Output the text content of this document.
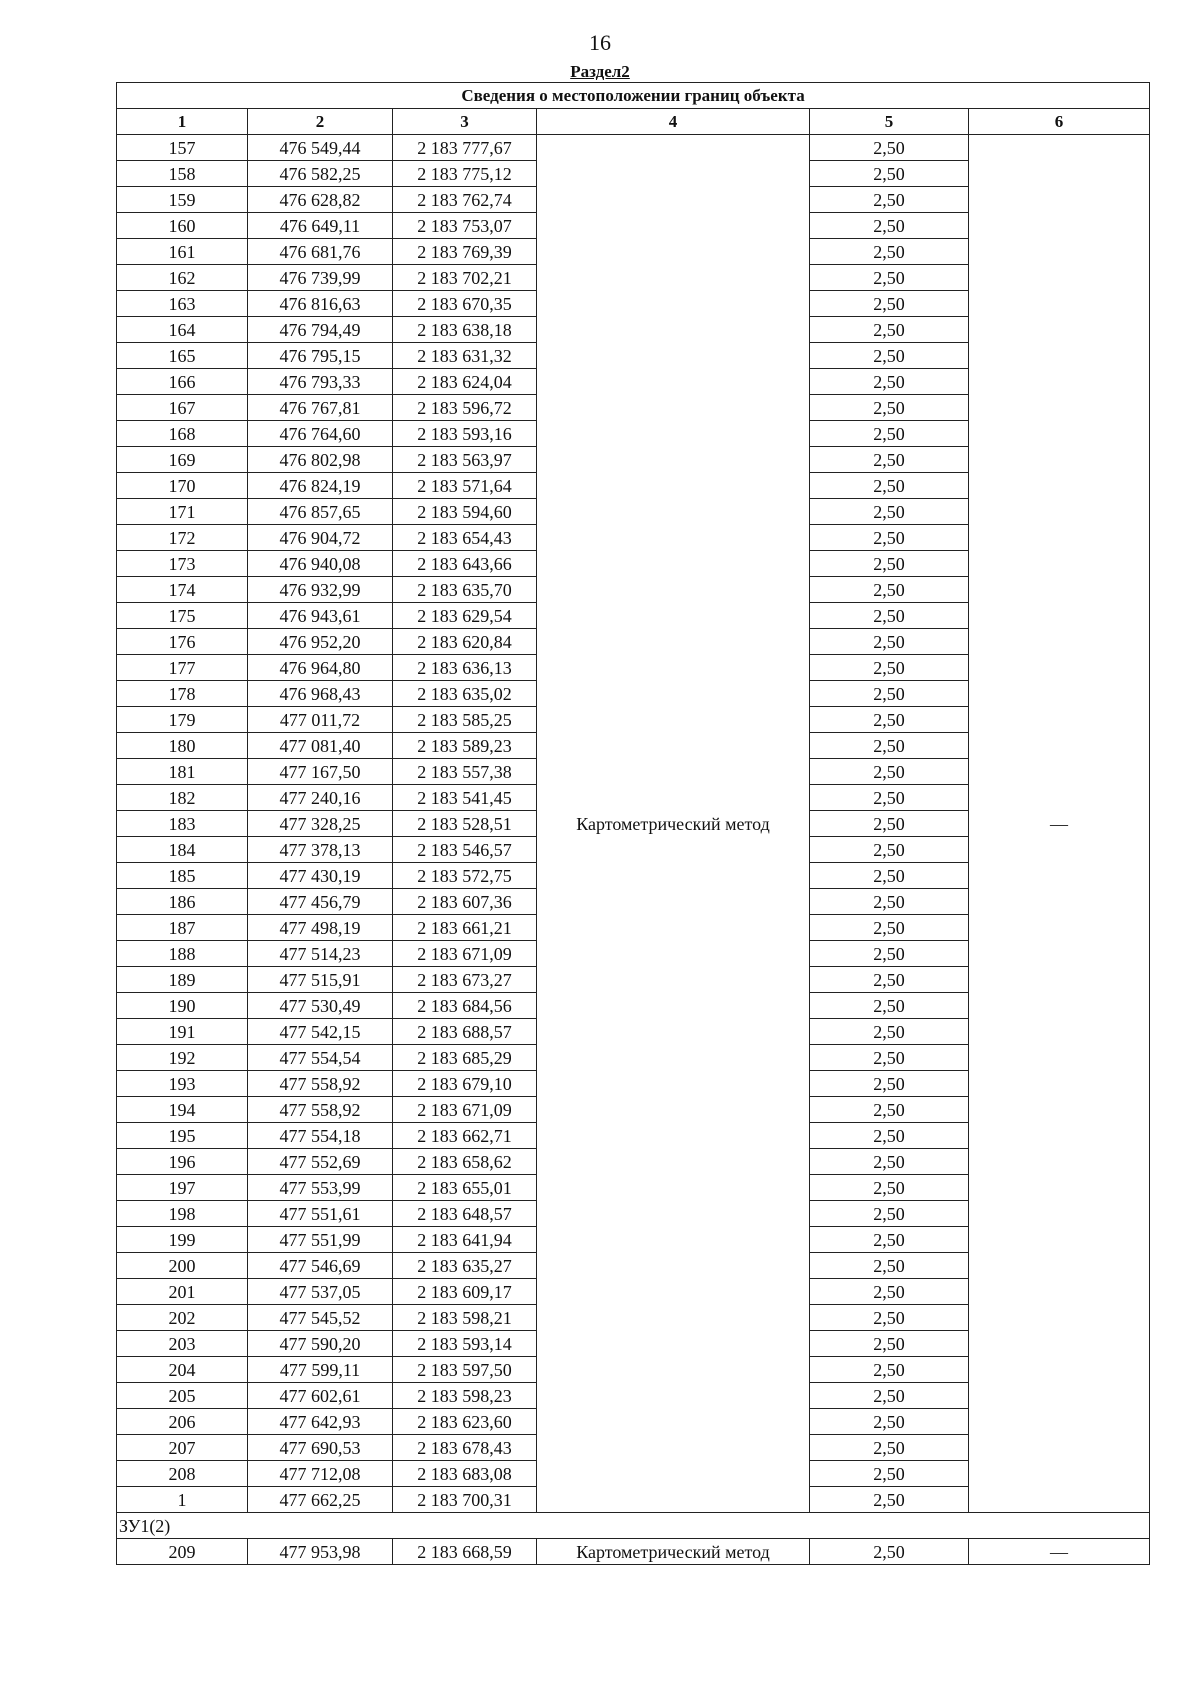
16
Раздел2
Сведения о местоположении границ объекта					
1	2	3	4	5	6
157	476 549,44	2 183 777,67	Картометрический метод	2,50	—
158	476 582,25	2 183 775,12		2,50	
159	476 628,82	2 183 762,74		2,50	
160	476 649,11	2 183 753,07		2,50	
161	476 681,76	2 183 769,39		2,50	
162	476 739,99	2 183 702,21		2,50	
163	476 816,63	2 183 670,35		2,50	
164	476 794,49	2 183 638,18		2,50	
165	476 795,15	2 183 631,32		2,50	
166	476 793,33	2 183 624,04		2,50	
167	476 767,81	2 183 596,72		2,50	
168	476 764,60	2 183 593,16		2,50	
169	476 802,98	2 183 563,97		2,50	
170	476 824,19	2 183 571,64		2,50	
171	476 857,65	2 183 594,60		2,50	
172	476 904,72	2 183 654,43		2,50	
173	476 940,08	2 183 643,66		2,50	
174	476 932,99	2 183 635,70		2,50	
175	476 943,61	2 183 629,54		2,50	
176	476 952,20	2 183 620,84		2,50	
177	476 964,80	2 183 636,13		2,50	
178	476 968,43	2 183 635,02		2,50	
179	477 011,72	2 183 585,25		2,50	
180	477 081,40	2 183 589,23		2,50	
181	477 167,50	2 183 557,38		2,50	
182	477 240,16	2 183 541,45		2,50	
183	477 328,25	2 183 528,51		2,50	
184	477 378,13	2 183 546,57		2,50	
185	477 430,19	2 183 572,75		2,50	
186	477 456,79	2 183 607,36		2,50	
187	477 498,19	2 183 661,21		2,50	
188	477 514,23	2 183 671,09		2,50	
189	477 515,91	2 183 673,27		2,50	
190	477 530,49	2 183 684,56		2,50	
191	477 542,15	2 183 688,57		2,50	
192	477 554,54	2 183 685,29		2,50	
193	477 558,92	2 183 679,10		2,50	
194	477 558,92	2 183 671,09		2,50	
195	477 554,18	2 183 662,71		2,50	
196	477 552,69	2 183 658,62		2,50	
197	477 553,99	2 183 655,01		2,50	
198	477 551,61	2 183 648,57		2,50	
199	477 551,99	2 183 641,94		2,50	
200	477 546,69	2 183 635,27		2,50	
201	477 537,05	2 183 609,17		2,50	
202	477 545,52	2 183 598,21		2,50	
203	477 590,20	2 183 593,14		2,50	
204	477 599,11	2 183 597,50		2,50	
205	477 602,61	2 183 598,23		2,50	
206	477 642,93	2 183 623,60		2,50	
207	477 690,53	2 183 678,43		2,50	
208	477 712,08	2 183 683,08		2,50	
1	477 662,25	2 183 700,31		2,50	
ЗУ1(2)					
209	477 953,98	2 183 668,59	Картометрический метод	2,50	—
